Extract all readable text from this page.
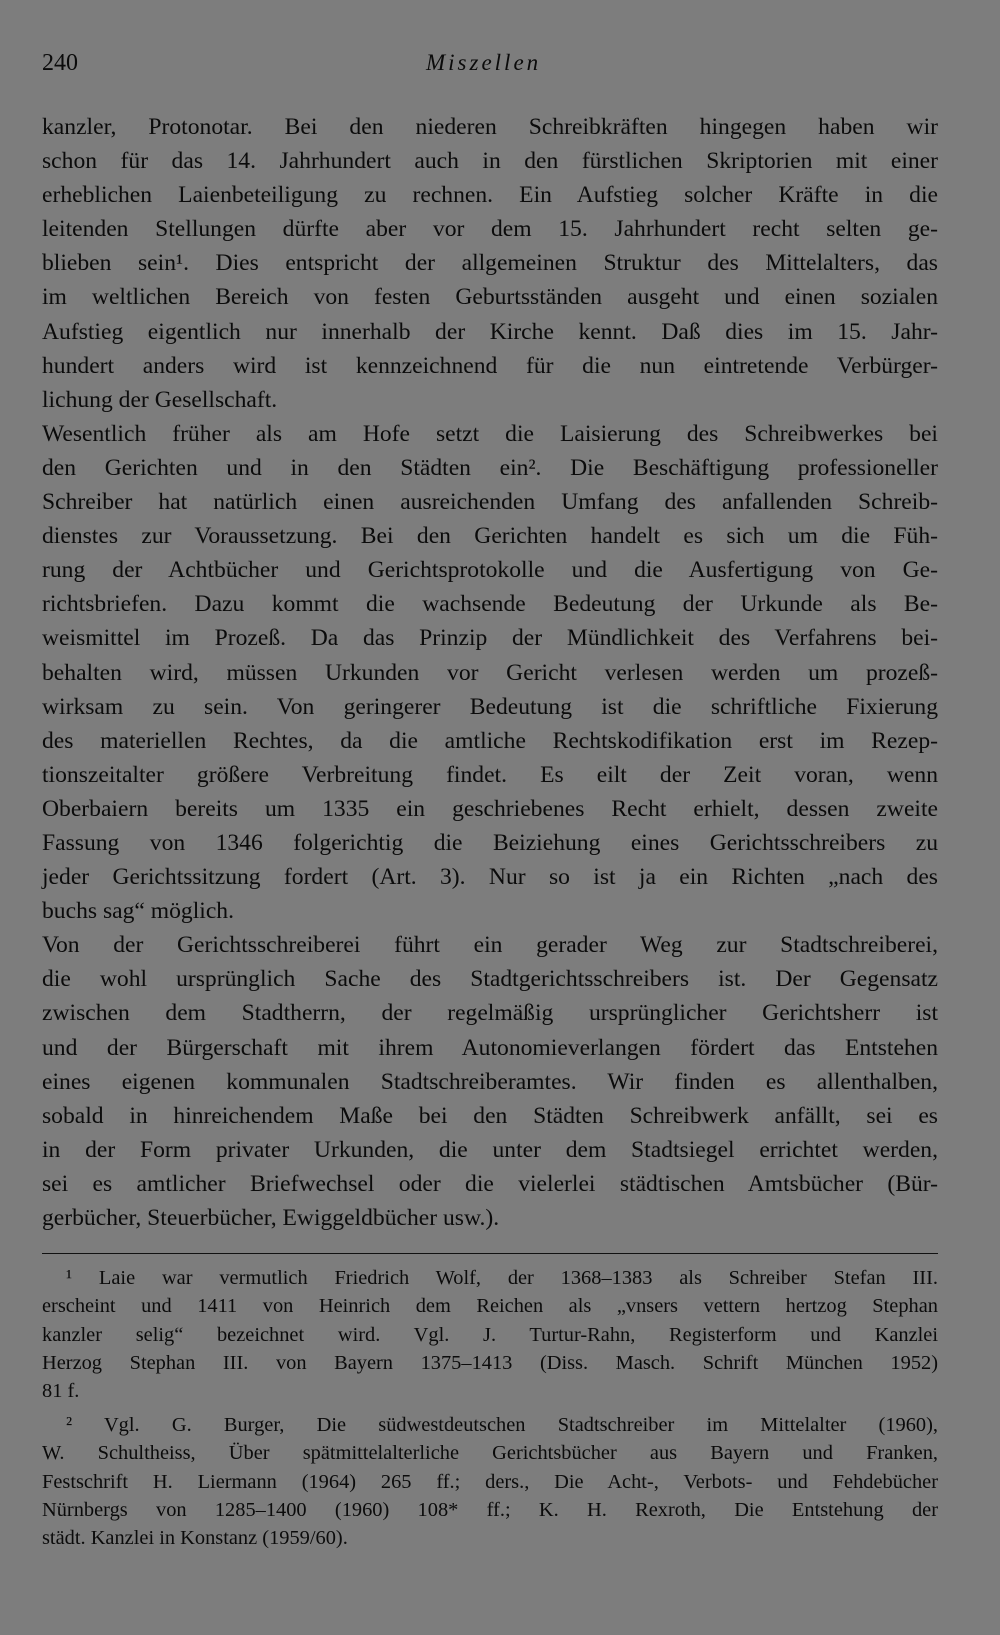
240	Miszellen
kanzler, Protonotar. Bei den niederen Schreibkräften hingegen haben wir
schon für das 14. Jahrhundert auch in den fürstlichen Skriptorien mit einer
erheblichen Laienbeteiligung zu rechnen. Ein Aufstieg solcher Kräfte in die
leitenden Stellungen dürfte aber vor dem 15. Jahrhundert recht selten ge-
blieben sein¹. Dies entspricht der allgemeinen Struktur des Mittelalters, das
im weltlichen Bereich von festen Geburtsständen ausgeht und einen sozialen
Aufstieg eigentlich nur innerhalb der Kirche kennt. Daß dies im 15. Jahr-
hundert anders wird ist kennzeichnend für die nun eintretende Verbürger-
lichung der Gesellschaft.
Wesentlich früher als am Hofe setzt die Laisierung des Schreibwerkes bei
den Gerichten und in den Städten ein². Die Beschäftigung professioneller
Schreiber hat natürlich einen ausreichenden Umfang des anfallenden Schreib-
dienstes zur Voraussetzung. Bei den Gerichten handelt es sich um die Füh-
rung der Achtbücher und Gerichtsprotokolle und die Ausfertigung von Ge-
richtsbriefen. Dazu kommt die wachsende Bedeutung der Urkunde als Be-
weismittel im Prozeß. Da das Prinzip der Mündlichkeit des Verfahrens bei-
behalten wird, müssen Urkunden vor Gericht verlesen werden um prozeß-
wirksam zu sein. Von geringerer Bedeutung ist die schriftliche Fixierung
des materiellen Rechtes, da die amtliche Rechtskodifikation erst im Rezep-
tionszeitalter größere Verbreitung findet. Es eilt der Zeit voran, wenn
Oberbaiern bereits um 1335 ein geschriebenes Recht erhielt, dessen zweite
Fassung von 1346 folgerichtig die Beiziehung eines Gerichtsschreibers zu
jeder Gerichtssitzung fordert (Art. 3). Nur so ist ja ein Richten „nach des
buchs sag“ möglich.
Von der Gerichtsschreiberei führt ein gerader Weg zur Stadtschreiberei,
die wohl ursprünglich Sache des Stadtgerichtsschreibers ist. Der Gegensatz
zwischen dem Stadtherrn, der regelmäßig ursprünglicher Gerichtsherr ist
und der Bürgerschaft mit ihrem Autonomieverlangen fördert das Entstehen
eines eigenen kommunalen Stadtschreiberamtes. Wir finden es allenthalben,
sobald in hinreichendem Maße bei den Städten Schreibwerk anfällt, sei es
in der Form privater Urkunden, die unter dem Stadtsiegel errichtet werden,
sei es amtlicher Briefwechsel oder die vielerlei städtischen Amtsbücher (Bür-
gerbücher, Steuerbücher, Ewiggeldbücher usw.).
¹ Laie war vermutlich Friedrich Wolf, der 1368–1383 als Schreiber Stefan III.
erscheint und 1411 von Heinrich dem Reichen als „vnsers vettern hertzog Stephan
kanzler selig“ bezeichnet wird. Vgl. J. Turtur-Rahn, Registerform und Kanzlei
Herzog Stephan III. von Bayern 1375–1413 (Diss. Masch. Schrift München 1952)
81 f.
² Vgl. G. Burger, Die südwestdeutschen Stadtschreiber im Mittelalter (1960),
W. Schultheiss, Über spätmittelalterliche Gerichtsbücher aus Bayern und Franken,
Festschrift H. Liermann (1964) 265 ff.; ders., Die Acht-, Verbots- und Fehdebücher
Nürnbergs von 1285–1400 (1960) 108* ff.; K. H. Rexroth, Die Entstehung der
städt. Kanzlei in Konstanz (1959/60).
